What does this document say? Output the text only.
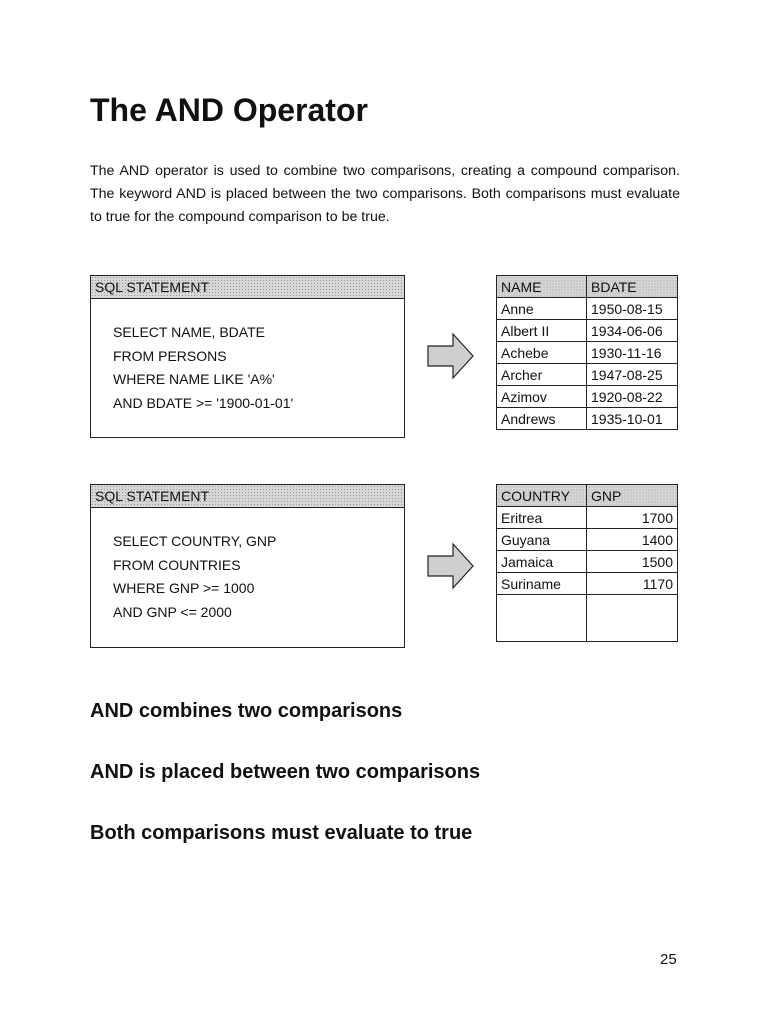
The AND Operator

The AND operator is used to combine two comparisons, creating a compound comparison. The keyword AND is placed between the two comparisons. Both comparisons must evaluate to true for the compound comparison to be true.

SQL STATEMENT
SELECT NAME, BDATE
FROM PERSONS
WHERE NAME LIKE 'A%'
AND BDATE >= '1900-01-01'
NAME	BDATE
Anne	1950-08-15
Albert II	1934-06-06
Achebe	1930-11-16
Archer	1947-08-25
Azimov	1920-08-22
Andrews	1935-10-01
SQL STATEMENT
SELECT COUNTRY, GNP
FROM COUNTRIES
WHERE GNP >= 1000
AND GNP <= 2000
COUNTRY	GNP
Eritrea	1700
Guyana	1400
Jamaica	1500
Suriname	1170

AND combines two comparisons

AND is placed between two comparisons

Both comparisons must evaluate to true

25
